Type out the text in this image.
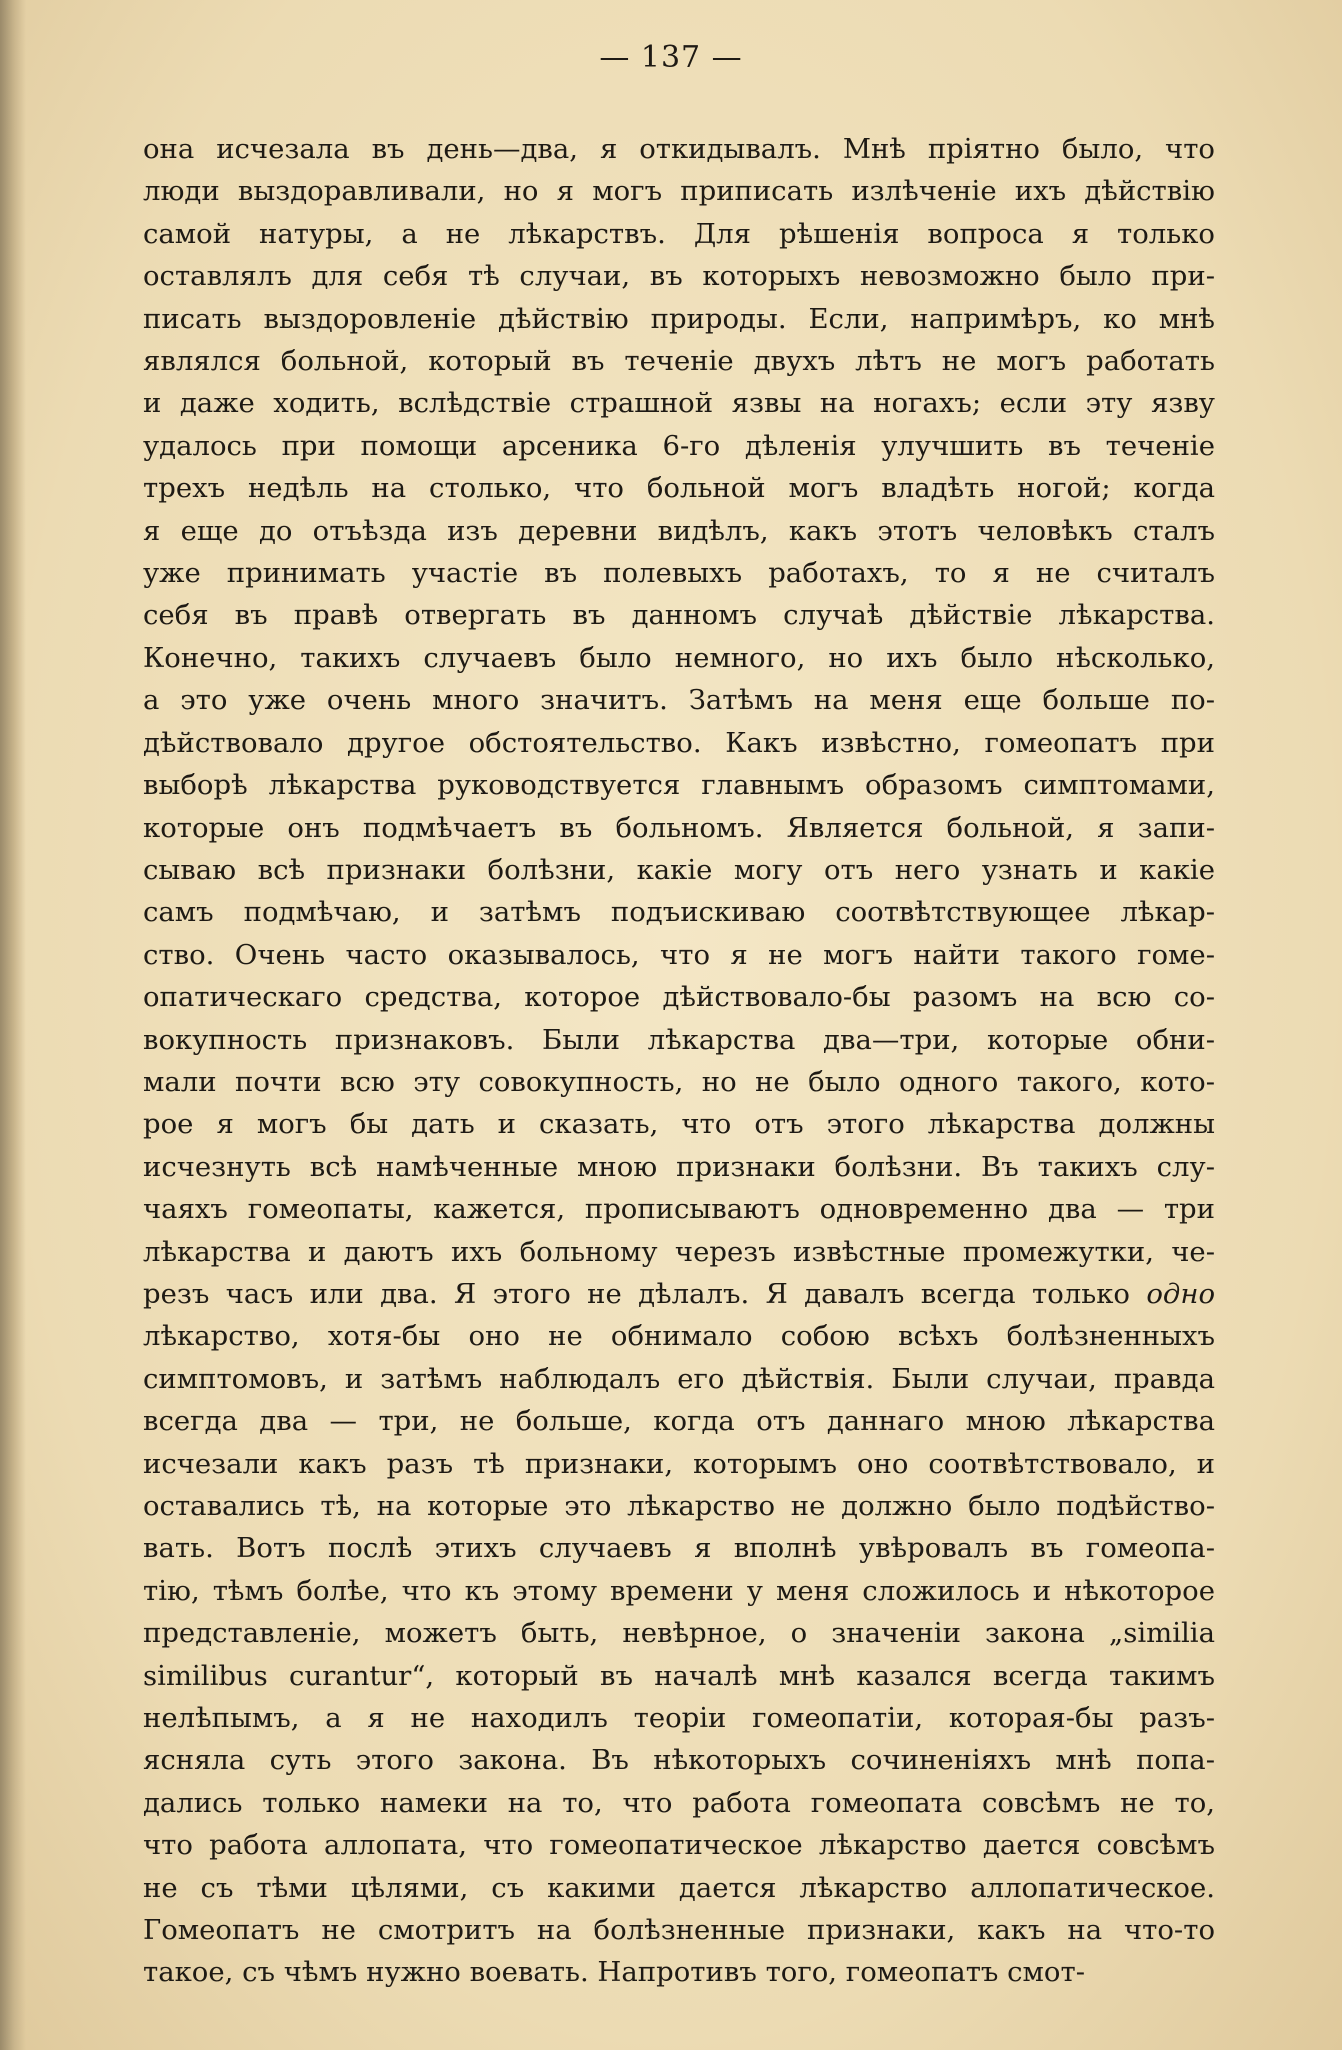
— 137 —
она исчезала въ день—два, я откидывалъ. Мнѣ пріятно было, что
люди выздоравливали, но я могъ приписать излѣченіе ихъ дѣйствію
самой натуры, а не лѣкарствъ. Для рѣшенія вопроса я только
оставлялъ для себя тѣ случаи, въ которыхъ невозможно было при-
писать выздоровленіе дѣйствію природы. Если, напримѣръ, ко мнѣ
являлся больной, который въ теченіе двухъ лѣтъ не могъ работать
и даже ходить, вслѣдствіе страшной язвы на ногахъ; если эту язву
удалось при помощи арсеника 6-го дѣленія улучшить въ теченіе
трехъ недѣль на столько, что больной могъ владѣть ногой; когда
я еще до отъѣзда изъ деревни видѣлъ, какъ этотъ человѣкъ сталъ
уже принимать участіе въ полевыхъ работахъ, то я не считалъ
себя въ правѣ отвергать въ данномъ случаѣ дѣйствіе лѣкарства.
Конечно, такихъ случаевъ было немного, но ихъ было нѣсколько,
а это уже очень много значитъ. Затѣмъ на меня еще больше по-
дѣйствовало другое обстоятельство. Какъ извѣстно, гомеопатъ при
выборѣ лѣкарства руководствуется главнымъ образомъ симптомами,
которые онъ подмѣчаетъ въ больномъ. Является больной, я запи-
сываю всѣ признаки болѣзни, какіе могу отъ него узнать и какіе
самъ подмѣчаю, и затѣмъ подъискиваю соотвѣтствующее лѣкар-
ство. Очень часто оказывалось, что я не могъ найти такого гоме-
опатическаго средства, которое дѣйствовало-бы разомъ на всю со-
вокупность признаковъ. Были лѣкарства два—три, которые обни-
мали почти всю эту совокупность, но не было одного такого, кото-
рое я могъ бы дать и сказать, что отъ этого лѣкарства должны
исчезнуть всѣ намѣченные мною признаки болѣзни. Въ такихъ слу-
чаяхъ гомеопаты, кажется, прописываютъ одновременно два — три
лѣкарства и даютъ ихъ больному черезъ извѣстные промежутки, че-
резъ часъ или два. Я этого не дѣлалъ. Я давалъ всегда только одно
лѣкарство, хотя-бы оно не обнимало собою всѣхъ болѣзненныхъ
симптомовъ, и затѣмъ наблюдалъ его дѣйствія. Были случаи, правда
всегда два — три, не больше, когда отъ даннаго мною лѣкарства
исчезали какъ разъ тѣ признаки, которымъ оно соотвѣтствовало, и
оставались тѣ, на которые это лѣкарство не должно было подѣйство-
вать. Вотъ послѣ этихъ случаевъ я вполнѣ увѣровалъ въ гомеопа-
тію, тѣмъ болѣе, что къ этому времени у меня сложилось и нѣкоторое
представленіе, можетъ быть, невѣрное, о значеніи закона „similia
similibus curantur“, который въ началѣ мнѣ казался всегда такимъ
нелѣпымъ, а я не находилъ теоріи гомеопатіи, которая-бы разъ-
ясняла суть этого закона. Въ нѣкоторыхъ сочиненіяхъ мнѣ попа-
дались только намеки на то, что работа гомеопата совсѣмъ не то,
что работа аллопата, что гомеопатическое лѣкарство дается совсѣмъ
не съ тѣми цѣлями, съ какими дается лѣкарство аллопатическое.
Гомеопатъ не смотритъ на болѣзненные признаки, какъ на что-то
такое, съ чѣмъ нужно воевать. Напротивъ того, гомеопатъ смот-
